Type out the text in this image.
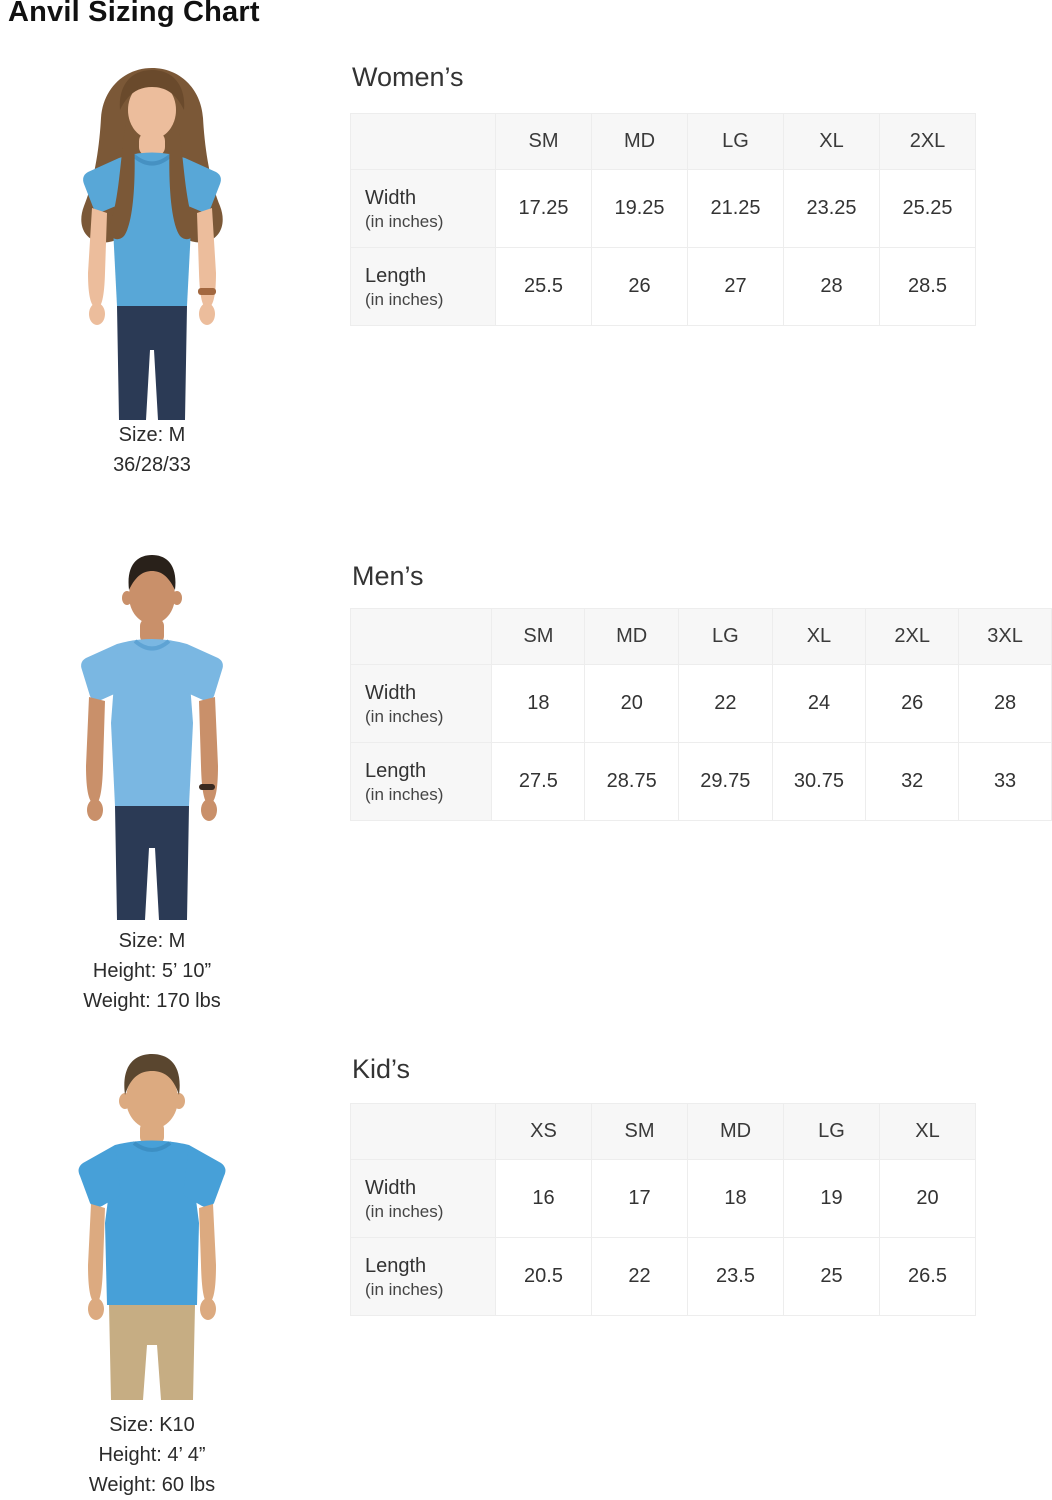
Anvil Sizing Chart
Women’s
Size: M
36/28/33
	SM	MD	LG	XL	2XL

Width
(in inches)	17.25	19.25	21.25	23.25	25.25

Length
(in inches)	25.5	26	27	28	28.5
Men’s
Size: M
Height: 5’ 10”
Weight: 170 lbs
	SM	MD	LG	XL	2XL	3XL

Width
(in inches)	18	20	22	24	26	28

Length
(in inches)	27.5	28.75	29.75	30.75	32	33
Kid’s
Size: K10
Height: 4’ 4”
Weight: 60 lbs
	XS	SM	MD	LG	XL

Width
(in inches)	16	17	18	19	20

Length
(in inches)	20.5	22	23.5	25	26.5
